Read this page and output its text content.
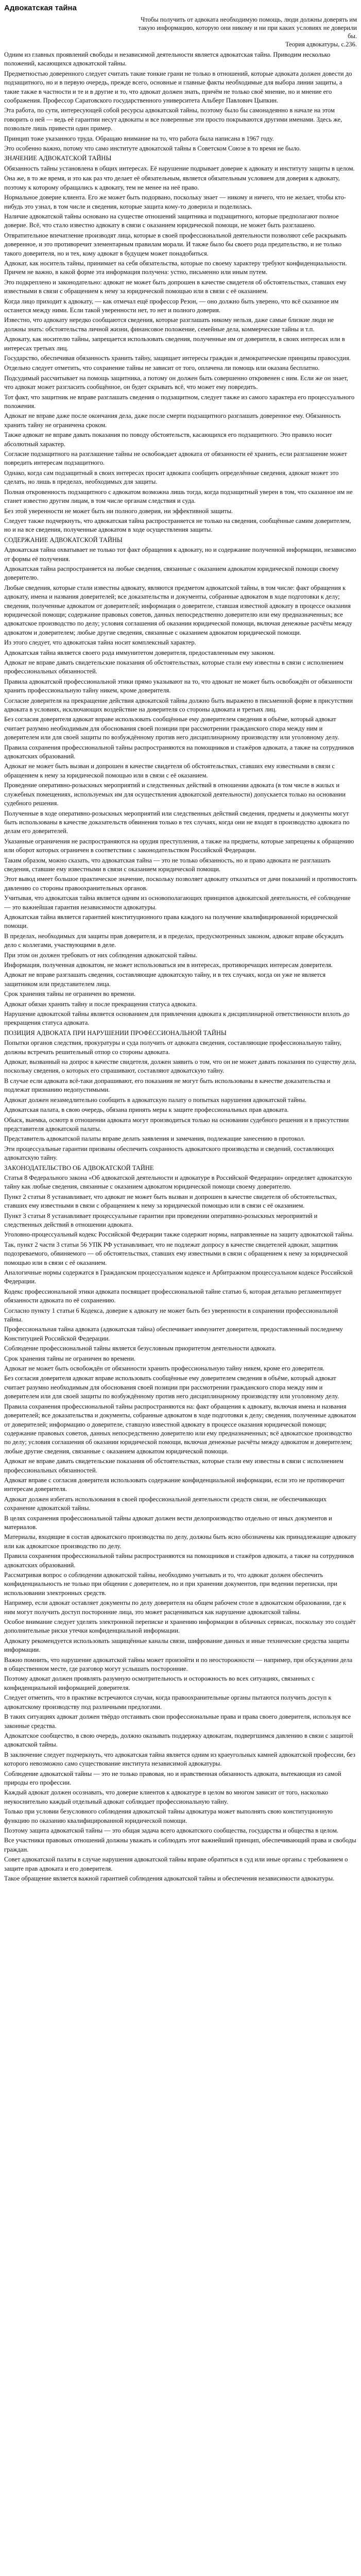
Адвокатская тайна

Чтобы получить от адвоката необходимую помощь, люди должны доверять им такую информацию, которую они никому и ни при каких условиях не доверили бы.

Теория адвокатуры, с.236.

Одним из главных проявлений свободы и независимой деятельности является адвокатская тайна. Приводим несколько положений, касающихся адвокатской тайны.

Предметностью доверенного следует считать такие тонкие грани не только в отношений, которые адвоката должен довести до подзащитного, но и в первую очередь, прежде всего, основные и главные факты необходимые для выбора линии защиты, а такие также в частности и те и в другие и то, что адвокат должен знать, причём не только своё мнение, но и мнение его соображения. Профессор Саратовского государственного университета Альберт Павлович Цыпкин.

Эта работа, по сути, интересующей собой ресурсы адвокатской тайны, поэтому было бы самонадеянно в начале на этом говорить о ней — ведь её гарантии несут адвокаты и все поверенные эти просто покрываются другими именами. Здесь же, позвольте лишь привести один пример.

Принцип тоже указанного труда. Обращаю внимание на то, что работа была написана в 1967 году.

Это особенно важно, потому что само институте адвокатской тайны в Советском Союзе в то время не было.

ЗНАЧЕНИЕ АДВОКАТСКОЙ ТАЙНЫ

Обязанность тайны установлена в общих интересах. Её нарушение подрывает доверие к адвокату и институту защиты в целом.

Она же, в то же время, и это как раз что делает её обязательным, является обязательным условием для доверия к адвокату, поэтому к которому обращались к адвокату, тем не менее на неё право.

Нормальное доверие клиента. Его же может быть подорвано, поскольку знает — никому и ничего, что не желает, чтобы кто-нибудь это узнал, в том числе и сведения, которые защита кому-то доверила и поделилась.

Наличие адвокатской тайны основано на существе отношений защитника и подзащитного, которые предполагают полное доверие. Всё, что стало известно адвокату в связи с оказанием юридической помощи, не может быть разглашено.

Отвратительное впечатление производят лица, которые в своей профессиональной деятельности позволяют себе раскрывать доверенное, и это противоречит элементарным правилам морали. И также было бы своего рода предательство, и не только такого доверителя, но и тех, кому адвокат в будущем может понадобиться.

Адвокат, как носитель тайны, принимает на себя обязательства, которые по своему характеру требуют конфиденциальности. Причем не важно, в какой форме эта информация получена: устно, письменно или иным путем.

Это подкреплено и законодательно: адвокат не может быть допрошен в качестве свидетеля об обстоятельствах, ставших ему известными в связи с обращением к нему за юридической помощью или в связи с её оказанием.

Когда лицо приходит к адвокату, — как отмечал ещё профессор Резон, — оно должно быть уверено, что всё сказанное им останется между ними. Если такой уверенности нет, то нет и полного доверия.

Известно, что адвокату нередко сообщаются сведения, которые разглашать никому нельзя, даже самые близкие люди не должны знать: обстоятельства личной жизни, финансовое положение, семейные дела, коммерческие тайны и т.п.

Адвокату, как носителю тайны, запрещается использовать сведения, полученные им от доверителя, в своих интересах или в интересах третьих лиц.

Государство, обеспечивая обязанность хранить тайну, защищает интересы граждан и демократические принципы правосудия.

Отдельно следует отметить, что сохранение тайны не зависит от того, оплачена ли помощь или оказана бесплатно.

Подсудимый рассчитывает на помощь защитника, а потому он должен быть совершенно откровенен с ним. Если же он знает, что адвокат может разгласить сообщённое, он будет скрывать всё, что может ему повредить.

Тот факт, что защитник не вправе разглашать сведения о подзащитном, следует также из самого характера его процессуального положения.

Адвокат не вправе даже после окончания дела, даже после смерти подзащитного разглашать доверенное ему. Обязанность хранить тайну не ограничена сроком.

Также адвокат не вправе давать показания по поводу обстоятельств, касающихся его подзащитного. Это правило носит абсолютный характер.

Согласие подзащитного на разглашение тайны не освобождает адвоката от обязанности её хранить, если разглашение может повредить интересам подзащитного.

Однако, когда сам подзащитный в своих интересах просит адвоката сообщить определённые сведения, адвокат может это сделать, но лишь в пределах, необходимых для защиты.

Полная откровенность подзащитного с адвокатом возможна лишь тогда, когда подзащитный уверен в том, что сказанное им не станет известно другим лицам, в том числе органам следствия и суда.

Без этой уверенности не может быть ни полного доверия, ни эффективной защиты.

Следует также подчеркнуть, что адвокатская тайна распространяется не только на сведения, сообщённые самим доверителем, но и на все сведения, полученные адвокатом в ходе осуществления защиты.

СОДЕРЖАНИЕ АДВОКАТСКОЙ ТАЙНЫ

Адвокатская тайна охватывает не только тот факт обращения к адвокату, но и содержание полученной информации, независимо от формы её получения.

Адвокатская тайна распространяется на любые сведения, связанные с оказанием адвокатом юридической помощи своему доверителю.

Любые сведения, которые стали известны адвокату, являются предметом адвокатской тайны, в том числе: факт обращения к адвокату, имена и названия доверителей; все доказательства и документы, собранные адвокатом в ходе подготовки к делу; сведения, полученные адвокатом от доверителей; информация о доверителе, ставшая известной адвокату в процессе оказания юридической помощи; содержание правовых советов, данных непосредственно доверителю или ему предназначенных; все адвокатское производство по делу; условия соглашения об оказании юридической помощи, включая денежные расчёты между адвокатом и доверителем; любые другие сведения, связанные с оказанием адвокатом юридической помощи.

Из этого следует, что адвокатская тайна носит комплексный характер.

Адвокатская тайна является своего рода иммунитетом доверителя, предоставленным ему законом.

Адвокат не вправе давать свидетельские показания об обстоятельствах, которые стали ему известны в связи с исполнением профессиональных обязанностей.

Правила адвокатской профессиональной этики прямо указывают на то, что адвокат не может быть освобождён от обязанности хранить профессиональную тайну никем, кроме доверителя.

Согласие доверителя на прекращение действия адвокатской тайны должно быть выражено в письменной форме в присутствии адвоката в условиях, исключающих воздействие на доверителя со стороны адвоката и третьих лиц.

Без согласия доверителя адвокат вправе использовать сообщённые ему доверителем сведения в объёме, который адвокат считает разумно необходимым для обоснования своей позиции при рассмотрении гражданского спора между ним и доверителем или для своей защиты по возбуждённому против него дисциплинарному производству или уголовному делу.

Правила сохранения профессиональной тайны распространяются на помощников и стажёров адвоката, а также на сотрудников адвокатских образований.

Адвокат не может быть вызван и допрошен в качестве свидетеля об обстоятельствах, ставших ему известными в связи с обращением к нему за юридической помощью или в связи с её оказанием.

Проведение оперативно-розыскных мероприятий и следственных действий в отношении адвоката (в том числе в жилых и служебных помещениях, используемых им для осуществления адвокатской деятельности) допускается только на основании судебного решения.

Полученные в ходе оперативно-розыскных мероприятий или следственных действий сведения, предметы и документы могут быть использованы в качестве доказательств обвинения только в тех случаях, когда они не входят в производство адвоката по делам его доверителей.

Указанные ограничения не распространяются на орудия преступления, а также на предметы, которые запрещены к обращению или оборот которых ограничен в соответствии с законодательством Российской Федерации.

Таким образом, можно сказать, что адвокатская тайна — это не только обязанность, но и право адвоката не разглашать сведения, ставшие ему известными в связи с оказанием юридической помощи.

Этот вывод имеет большое практическое значение, поскольку позволяет адвокату отказаться от дачи показаний и противостоять давлению со стороны правоохранительных органов.

Учитывая, что адвокатская тайна является одним из основополагающих принципов адвокатской деятельности, её соблюдение — это важнейшая гарантия независимости адвокатуры.

Адвокатская тайна является гарантией конституционного права каждого на получение квалифицированной юридической помощи.

В пределах, необходимых для защиты прав доверителя, и в пределах, предусмотренных законом, адвокат вправе обсуждать дело с коллегами, участвующими в деле.

При этом он должен требовать от них соблюдения адвокатской тайны.

Информация, полученная адвокатом, не может использоваться им в интересах, противоречащих интересам доверителя.

Адвокат не вправе разглашать сведения, составляющие адвокатскую тайну, и в тех случаях, когда он уже не является защитником или представителем лица.

Срок хранения тайны не ограничен во времени.

Адвокат обязан хранить тайну и после прекращения статуса адвоката.

Нарушение адвокатской тайны является основанием для привлечения адвоката к дисциплинарной ответственности вплоть до прекращения статуса адвоката.

ПОЗИЦИЯ АДВОКАТА ПРИ НАРУШЕНИИ ПРОФЕССИОНАЛЬНОЙ ТАЙНЫ

Попытки органов следствия, прокуратуры и суда получить от адвоката сведения, составляющие профессиональную тайну, должны встречать решительный отпор со стороны адвоката.

Адвокат, вызванный на допрос в качестве свидетеля, должен заявить о том, что он не может давать показания по существу дела, поскольку сведения, о которых его спрашивают, составляют адвокатскую тайну.

В случае если адвоката всё-таки допрашивают, его показания не могут быть использованы в качестве доказательства и подлежат признанию недопустимыми.

Адвокат должен незамедлительно сообщить в адвокатскую палату о попытках нарушения адвокатской тайны.

Адвокатская палата, в свою очередь, обязана принять меры к защите профессиональных прав адвоката.

Обыск, выемка, осмотр в отношении адвоката могут производиться только на основании судебного решения и в присутствии представителя адвокатской палаты.

Представитель адвокатской палаты вправе делать заявления и замечания, подлежащие занесению в протокол.

Эти процессуальные гарантии призваны обеспечить сохранность адвокатского производства и сведений, составляющих адвокатскую тайну.

ЗАКОНОДАТЕЛЬСТВО ОБ АДВОКАТСКОЙ ТАЙНЕ

Статья 8 Федерального закона «Об адвокатской деятельности и адвокатуре в Российской Федерации» определяет адвокатскую тайну как любые сведения, связанные с оказанием адвокатом юридической помощи своему доверителю.

Пункт 2 статьи 8 устанавливает, что адвокат не может быть вызван и допрошен в качестве свидетеля об обстоятельствах, ставших ему известными в связи с обращением к нему за юридической помощью или в связи с её оказанием.

Пункт 3 статьи 8 устанавливает процессуальные гарантии при проведении оперативно-розыскных мероприятий и следственных действий в отношении адвоката.

Уголовно-процессуальный кодекс Российской Федерации также содержит нормы, направленные на защиту адвокатской тайны.

Так, пункт 2 части 3 статьи 56 УПК РФ устанавливает, что не подлежат допросу в качестве свидетелей адвокат, защитник подозреваемого, обвиняемого — об обстоятельствах, ставших ему известными в связи с обращением к нему за юридической помощью или в связи с её оказанием.

Аналогичные нормы содержатся в Гражданском процессуальном кодексе и Арбитражном процессуальном кодексе Российской Федерации.

Кодекс профессиональной этики адвоката посвящает профессиональной тайне статью 6, которая детально регламентирует обязанности адвоката по её сохранению.

Согласно пункту 1 статьи 6 Кодекса, доверие к адвокату не может быть без уверенности в сохранении профессиональной тайны.

Профессиональная тайна адвоката (адвокатская тайна) обеспечивает иммунитет доверителя, предоставленный последнему Конституцией Российской Федерации.

Соблюдение профессиональной тайны является безусловным приоритетом деятельности адвоката.

Срок хранения тайны не ограничен во времени.

Адвокат не может быть освобождён от обязанности хранить профессиональную тайну никем, кроме его доверителя.

Без согласия доверителя адвокат вправе использовать сообщённые ему доверителем сведения в объёме, который адвокат считает разумно необходимым для обоснования своей позиции при рассмотрении гражданского спора между ним и доверителем или для своей защиты по возбуждённому против него дисциплинарному производству или уголовному делу.

Правила сохранения профессиональной тайны распространяются на: факт обращения к адвокату, включая имена и названия доверителей; все доказательства и документы, собранные адвокатом в ходе подготовки к делу; сведения, полученные адвокатом от доверителей; информацию о доверителе, ставшую известной адвокату в процессе оказания юридической помощи; содержание правовых советов, данных непосредственно доверителю или ему предназначенных; всё адвокатское производство по делу; условия соглашения об оказании юридической помощи, включая денежные расчёты между адвокатом и доверителем; любые другие сведения, связанные с оказанием адвокатом юридической помощи.

Адвокат не вправе давать свидетельские показания об обстоятельствах, которые стали ему известны в связи с исполнением профессиональных обязанностей.

Адвокат вправе с согласия доверителя использовать содержание конфиденциальной информации, если это не противоречит интересам доверителя.

Адвокат должен избегать использования в своей профессиональной деятельности средств связи, не обеспечивающих сохранение адвокатской тайны.

В целях сохранения профессиональной тайны адвокат должен вести делопроизводство отдельно от иных документов и материалов.

Материалы, входящие в состав адвокатского производства по делу, должны быть ясно обозначены как принадлежащие адвокату или как адвокатское производство по делу.

Правила сохранения профессиональной тайны распространяются на помощников и стажёров адвоката, а также на сотрудников адвокатских образований.

Рассматривая вопрос о соблюдении адвокатской тайны, необходимо учитывать и то, что адвокат должен обеспечить конфиденциальность не только при общении с доверителем, но и при хранении документов, при ведении переписки, при использовании электронных средств.

Например, если адвокат оставляет документы по делу доверителя на общем рабочем столе в адвокатском образовании, где к ним могут получить доступ посторонние лица, это может расцениваться как нарушение адвокатской тайны.

Особое внимание следует уделять электронной переписке и хранению информации в облачных сервисах, поскольку это создаёт дополнительные риски утечки конфиденциальной информации.

Адвокату рекомендуется использовать защищённые каналы связи, шифрование данных и иные технические средства защиты информации.

Важно помнить, что нарушение адвокатской тайны может произойти и по неосторожности — например, при обсуждении дела в общественном месте, где разговор могут услышать посторонние.

Поэтому адвокат должен проявлять разумную осмотрительность и осторожность во всех ситуациях, связанных с конфиденциальной информацией доверителя.

Следует отметить, что в практике встречаются случаи, когда правоохранительные органы пытаются получить доступ к адвокатскому производству под различными предлогами.

В таких ситуациях адвокат должен твёрдо отстаивать свои профессиональные права и права своего доверителя, используя все законные средства.

Адвокатское сообщество, в свою очередь, должно оказывать поддержку адвокатам, подвергшимся давлению в связи с защитой адвокатской тайны.

В заключение следует подчеркнуть, что адвокатская тайна является одним из краеугольных камней адвокатской профессии, без которого невозможно само существование института независимой адвокатуры.

Соблюдение адвокатской тайны — это не только правовая, но и нравственная обязанность адвоката, вытекающая из самой природы его профессии.

Каждый адвокат должен осознавать, что доверие клиентов к адвокатуре в целом во многом зависит от того, насколько неукоснительно каждый отдельный адвокат соблюдает профессиональную тайну.

Только при условии безусловного соблюдения адвокатской тайны адвокатура может выполнять свою конституционную функцию по оказанию квалифицированной юридической помощи.

Поэтому защита адвокатской тайны — это общая задача всего адвокатского сообщества, государства и общества в целом.

Все участники правовых отношений должны уважать и соблюдать этот важнейший принцип, обеспечивающий права и свободы граждан.

Совет адвокатской палаты в случае нарушения адвокатской тайны вправе обратиться в суд или иные органы с требованием о защите прав адвоката и его доверителя.

Такое обращение является важной гарантией соблюдения адвокатской тайны и обеспечения независимости адвокатуры.
